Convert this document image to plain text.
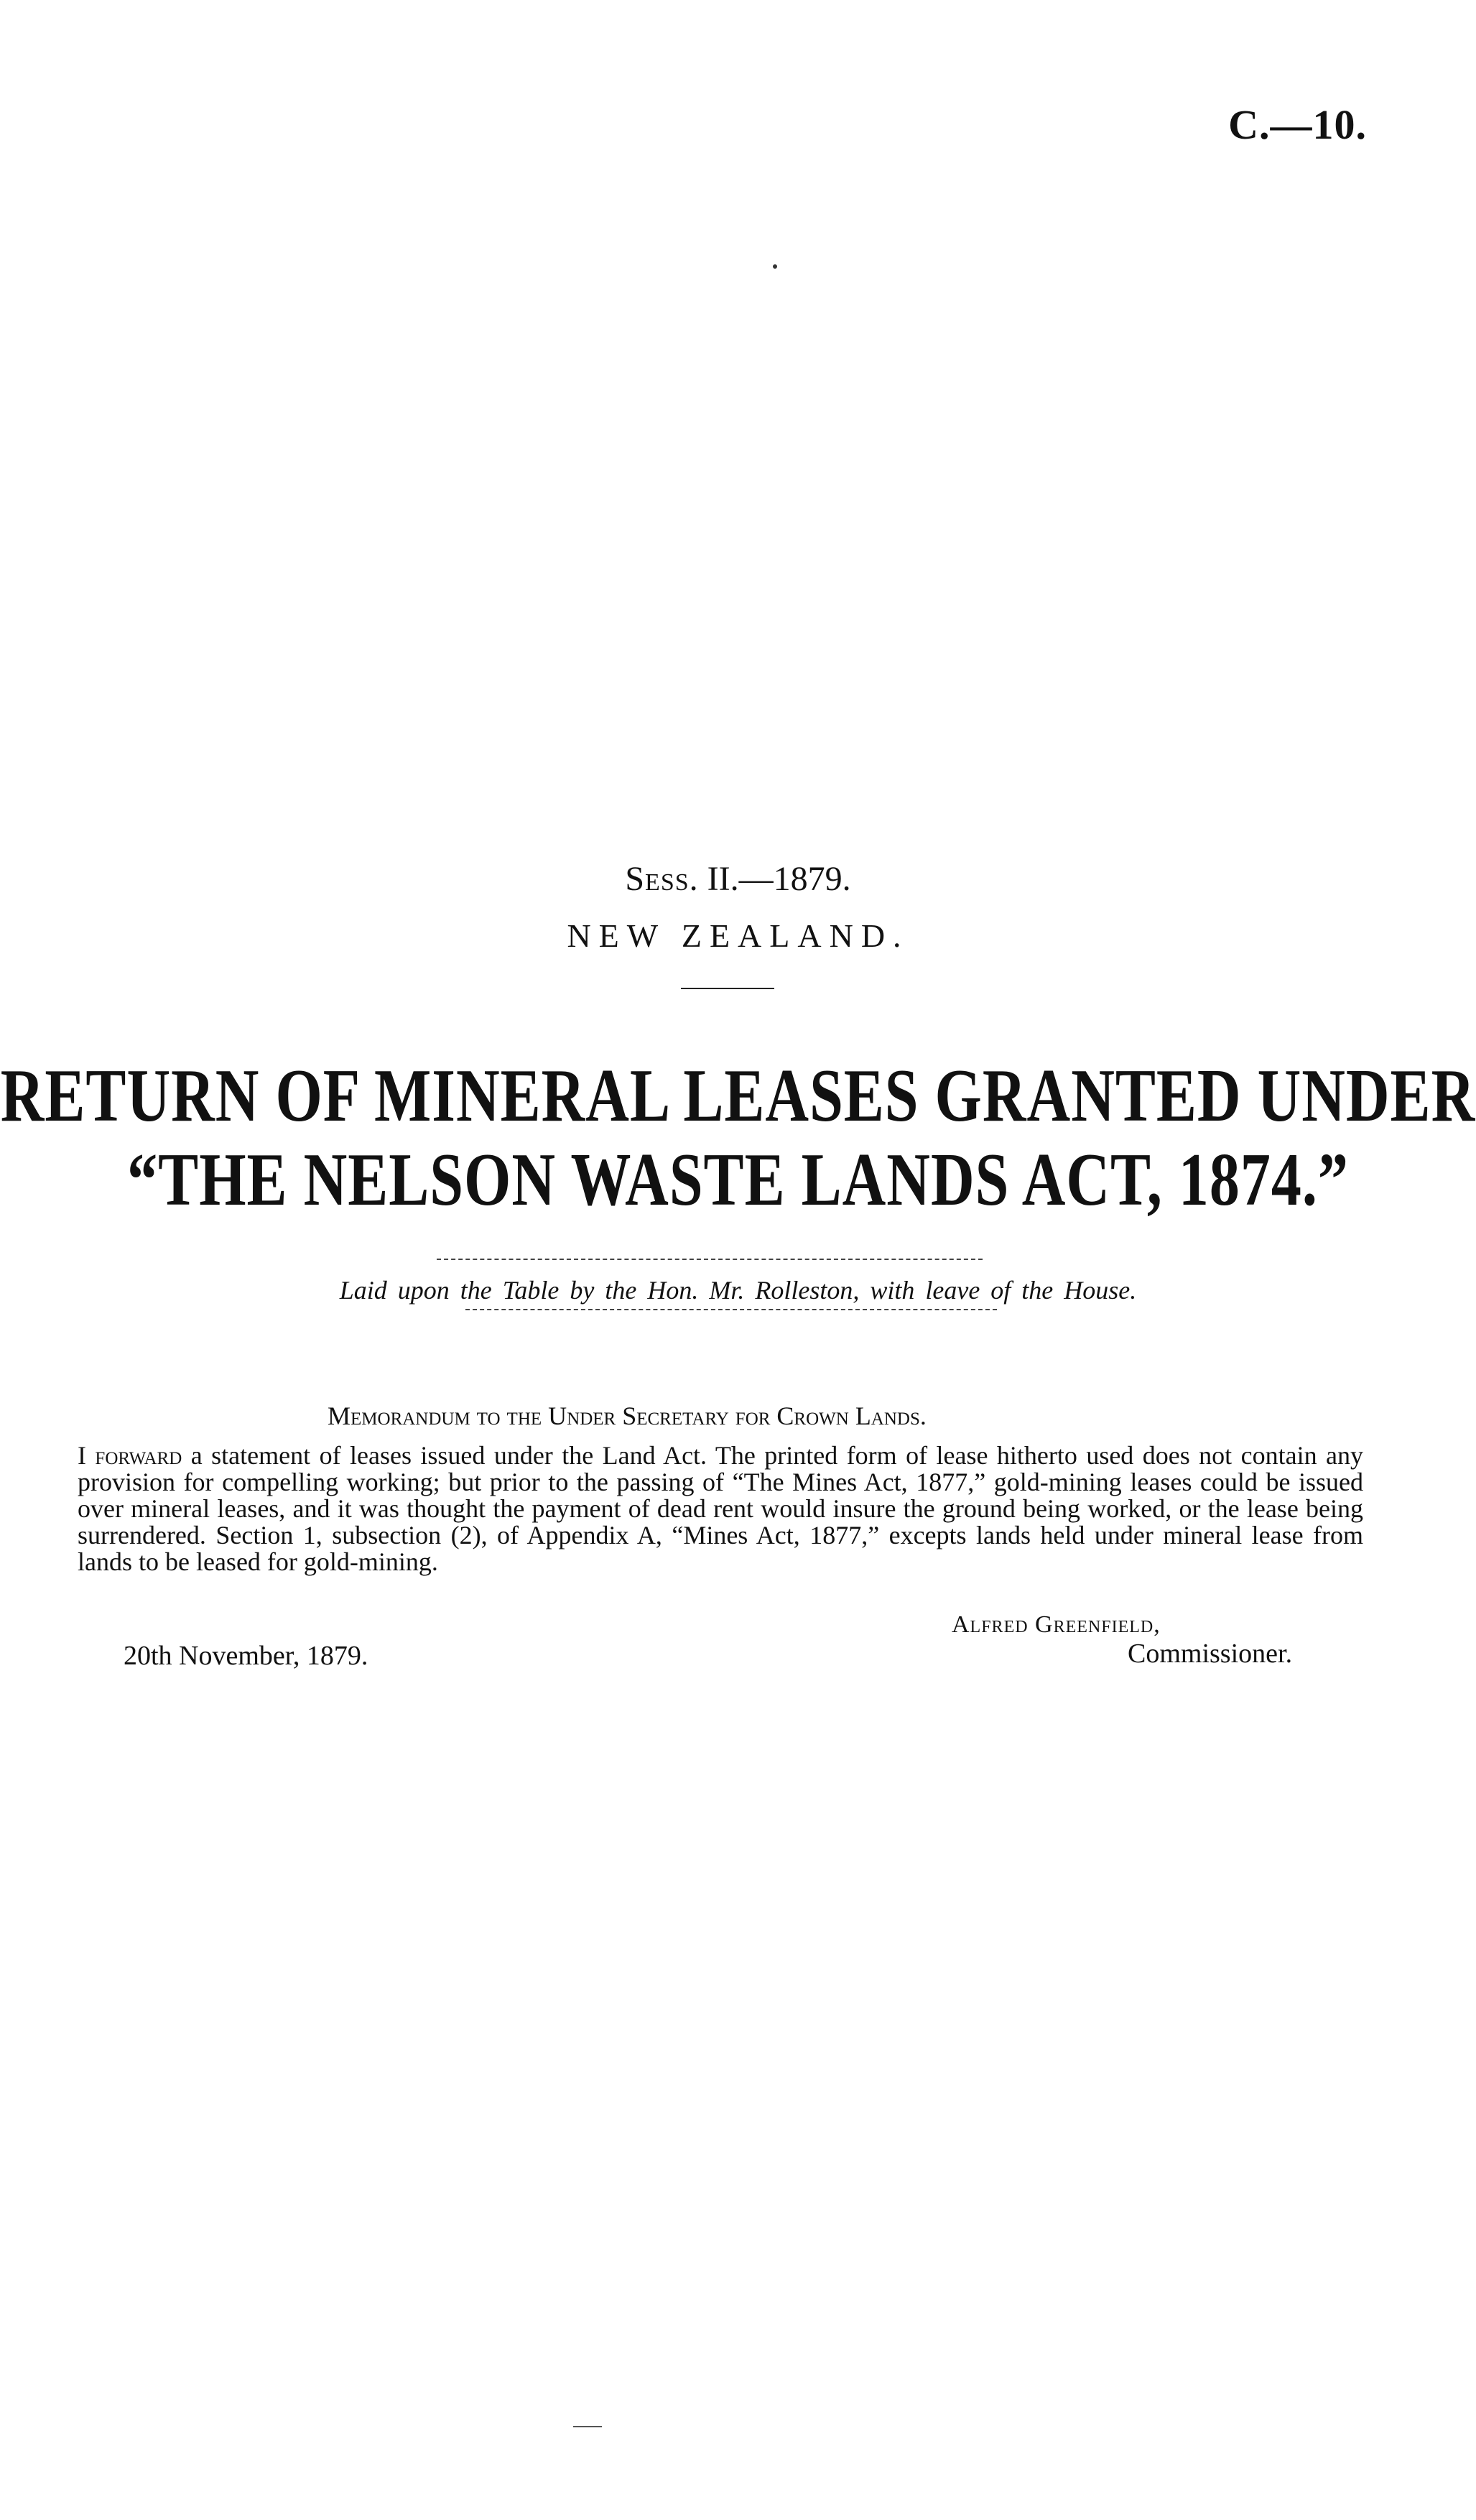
C.—10.
Sess. II.—1879.
NEW ZEALAND.
RETURN OF MINERAL LEASES GRANTED UNDER
“THE NELSON WASTE LANDS ACT, 1874.”
Laid upon the Table by the Hon. Mr. Rolleston, with leave of the House.
Memorandum to the Under Secretary for Crown Lands.
I forward a statement of leases issued under the Land Act. The printed form of lease hitherto used does not contain any provision for compelling working; but prior to the passing of “The Mines Act, 1877,” gold-mining leases could be issued over mineral leases, and it was thought the payment of dead rent would insure the ground being worked, or the lease being surrendered. Section 1, subsection (2), of Appendix A, “Mines Act, 1877,” excepts lands held under mineral lease from lands to be leased for gold-mining.
20th November, 1879.
Alfred Greenfield,
Commissioner.
